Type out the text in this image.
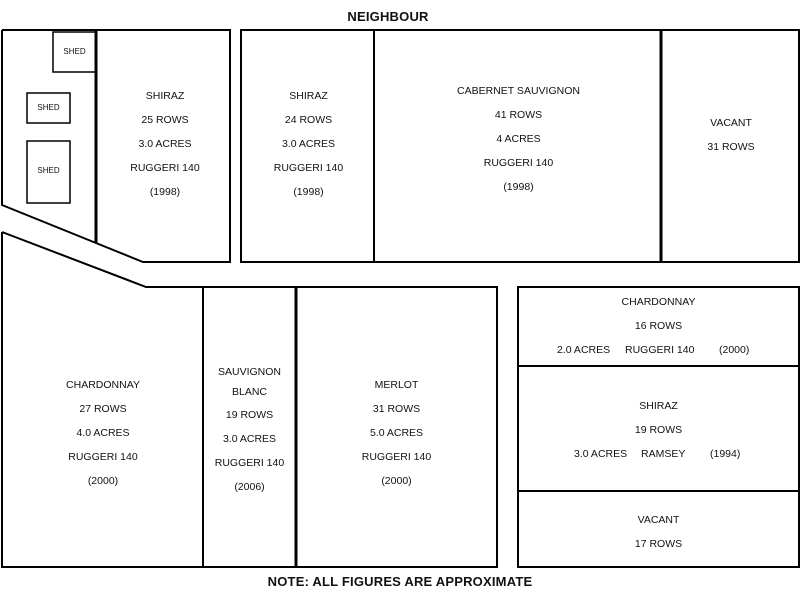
NEIGHBOUR
NOTE: ALL FIGURES ARE APPROXIMATE
SHED
SHED
SHED
SHIRAZ
25 ROWS
3.0 ACRES
RUGGERI 140
(1998)
SHIRAZ
24 ROWS
3.0 ACRES
RUGGERI 140
(1998)
CABERNET SAUVIGNON
41 ROWS
4 ACRES
RUGGERI 140
(1998)
VACANT
31 ROWS
CHARDONNAY
27 ROWS
4.0 ACRES
RUGGERI 140
(2000)
SAUVIGNON
BLANC
19 ROWS
3.0 ACRES
RUGGERI 140
(2006)
MERLOT
31 ROWS
5.0 ACRES
RUGGERI 140
(2000)
CHARDONNAY
16 ROWS
2.0 ACRES RUGGERI 140 (2000)
SHIRAZ
19 ROWS
3.0 ACRES RAMSEY (1994)
VACANT
17 ROWS
